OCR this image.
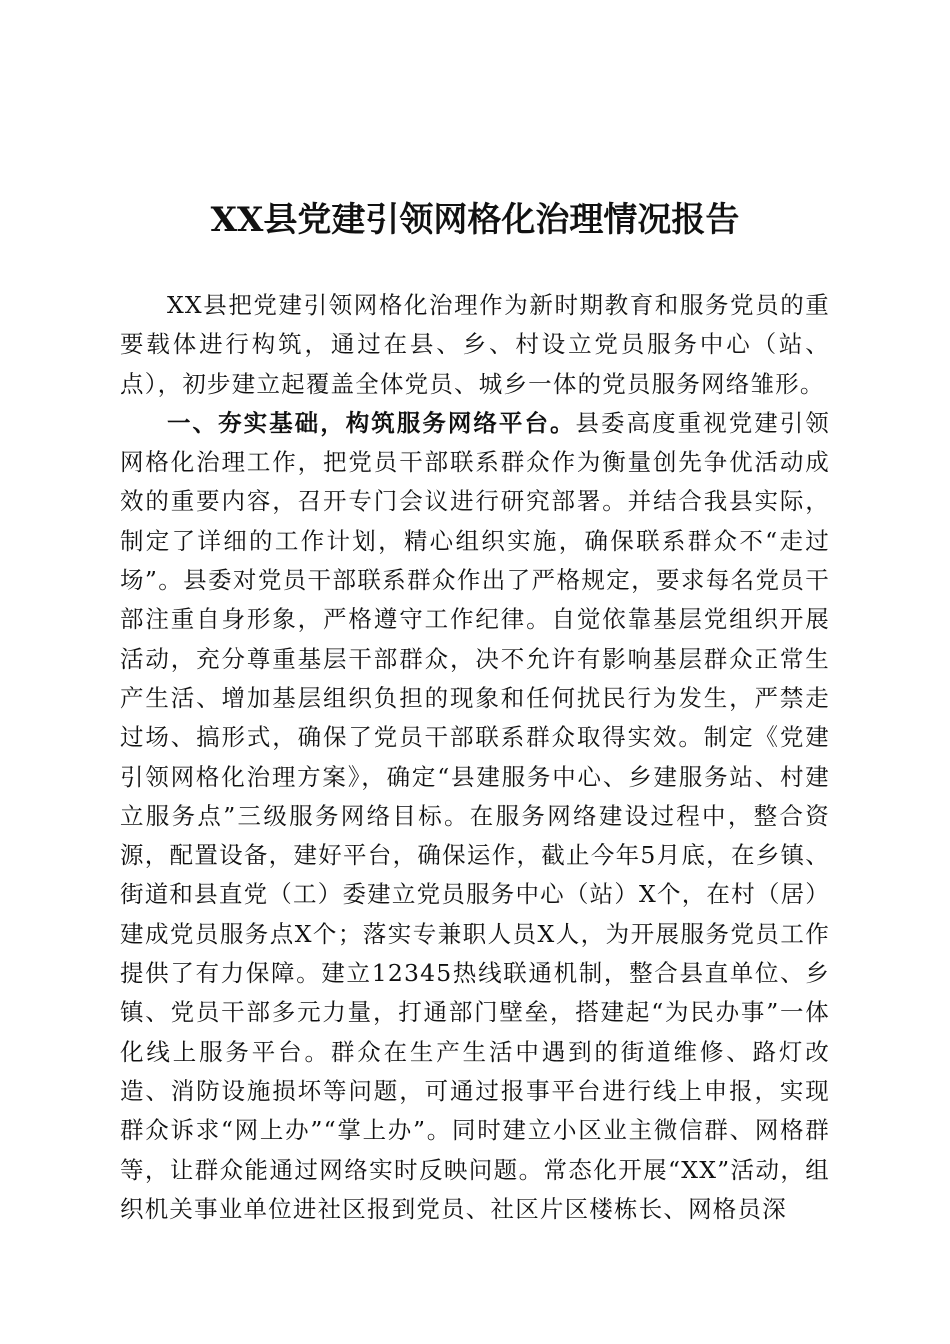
XX县党建引领网格化治理情况报告

XX县把党建引领网格化治理作为新时期教育和服务党员的重要载体进行构筑，通过在县、乡、村设立党员服务中心（站、点），初步建立起覆盖全体党员、城乡一体的党员服务网络雏形。

一、夯实基础，构筑服务网络平台。县委高度重视党建引领网格化治理工作，把党员干部联系群众作为衡量创先争优活动成效的重要内容，召开专门会议进行研究部署。并结合我县实际，制定了详细的工作计划，精心组织实施，确保联系群众不“走过场”。县委对党员干部联系群众作出了严格规定，要求每名党员干部注重自身形象，严格遵守工作纪律。自觉依靠基层党组织开展活动，充分尊重基层干部群众，决不允许有影响基层群众正常生产生活、增加基层组织负担的现象和任何扰民行为发生，严禁走过场、搞形式，确保了党员干部联系群众取得实效。制定《党建引领网格化治理方案》，确定“县建服务中心、乡建服务站、村建立服务点”三级服务网络目标。在服务网络建设过程中，整合资源，配置设备，建好平台，确保运作，截止今年5月底，在乡镇、街道和县直党（工）委建立党员服务中心（站）X个，在村（居）建成党员服务点X个；落实专兼职人员X人，为开展服务党员工作提供了有力保障。建立12345热线联通机制，整合县直单位、乡镇、党员干部多元力量，打通部门壁垒，搭建起“为民办事”一体化线上服务平台。群众在生产生活中遇到的街道维修、路灯改造、消防设施损坏等问题，可通过报事平台进行线上申报，实现群众诉求“网上办”“掌上办”。同时建立小区业主微信群、网格群等，让群众能通过网络实时反映问题。常态化开展“XX”活动，组织机关事业单位进社区报到党员、社区片区楼栋长、网格员深
